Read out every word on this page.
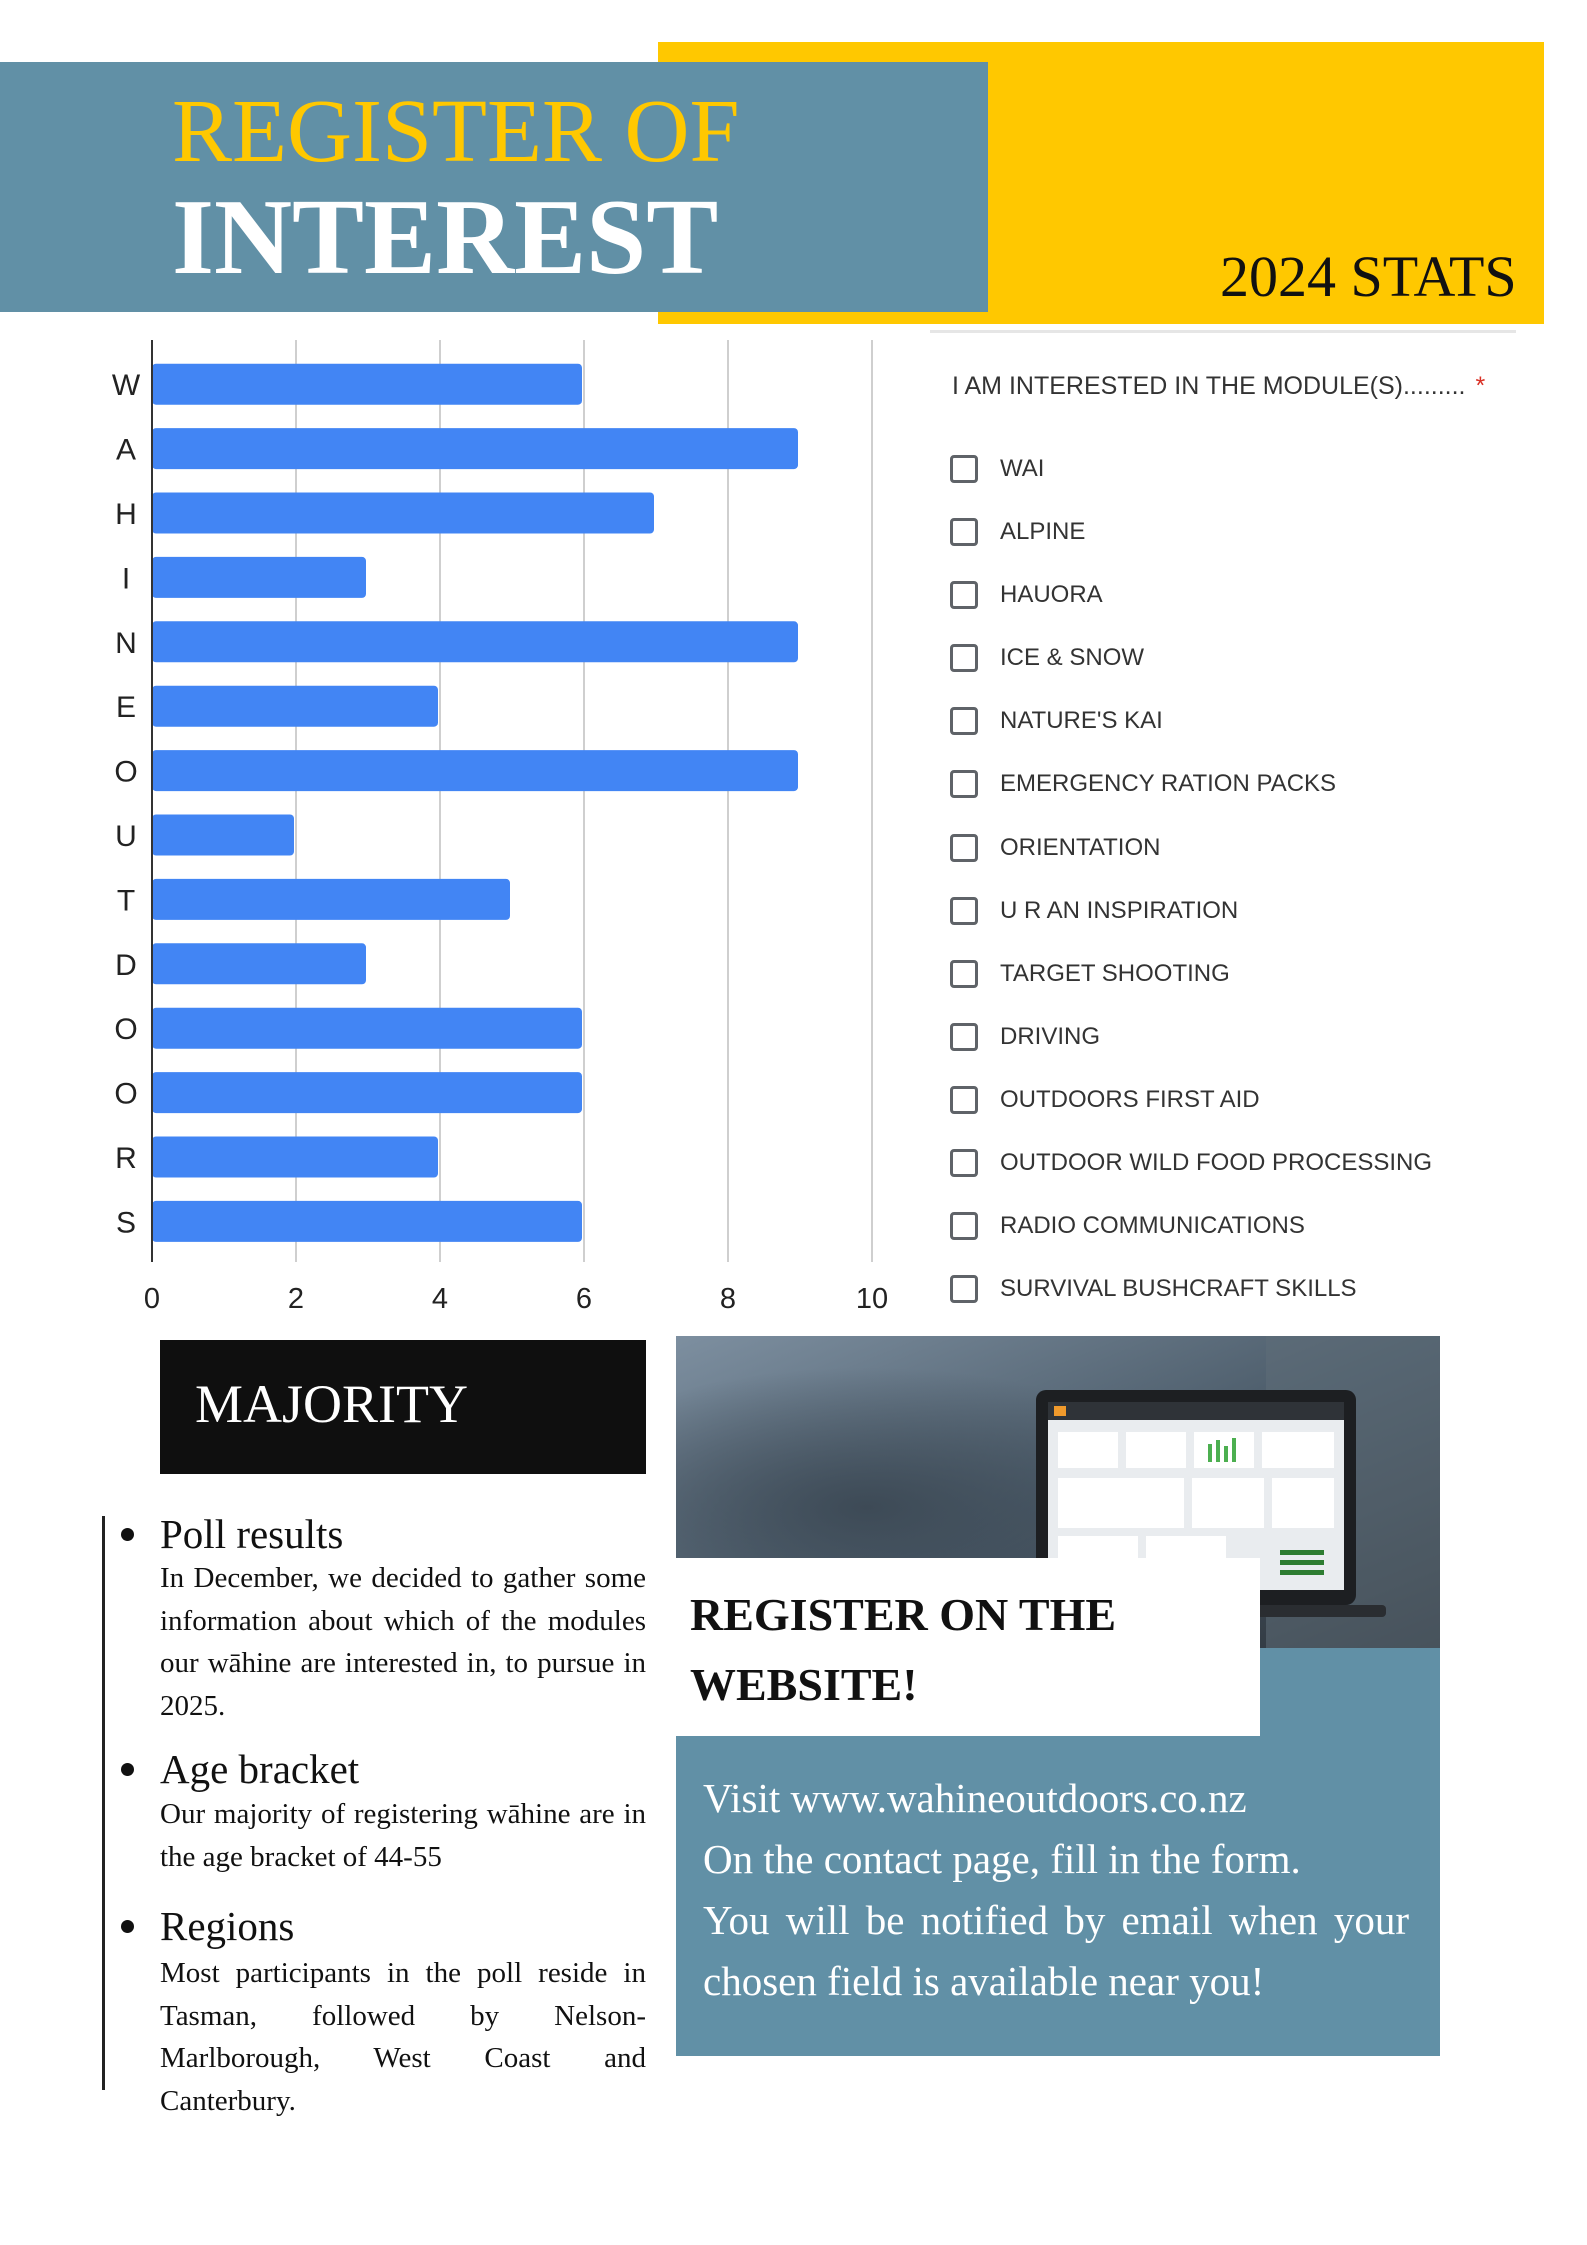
REGISTER OF
INTEREST	2024 STATS
W
A
H
I
N
E
O
U
T
D
O
O
R
S
0	2	4	6	8	10
I AM INTERESTED IN THE MODULE(S)......... *
WAI
ALPINE
HAUORA
ICE & SNOW
NATURE'S KAI
EMERGENCY RATION PACKS
ORIENTATION
U R AN INSPIRATION
TARGET SHOOTING
DRIVING
OUTDOORS FIRST AID
OUTDOOR WILD FOOD PROCESSING
RADIO COMMUNICATIONS
SURVIVAL BUSHCRAFT SKILLS
MAJORITY
Poll results

In December, we decided to gather some information about which of the modules our wāhine are interested in, to pursue in 2025.

Age bracket

Our majority of registering wāhine are in the age bracket of 44-55

Regions

Most participants in the poll reside in Tasman, followed by Nelson-Marlborough, West Coast and Canterbury.

REGISTER ON THE WEBSITE!
Visit www.wahineoutdoors.co.nz
On the contact page, fill in the form.
You will be notified by email when your chosen field is available near you!
